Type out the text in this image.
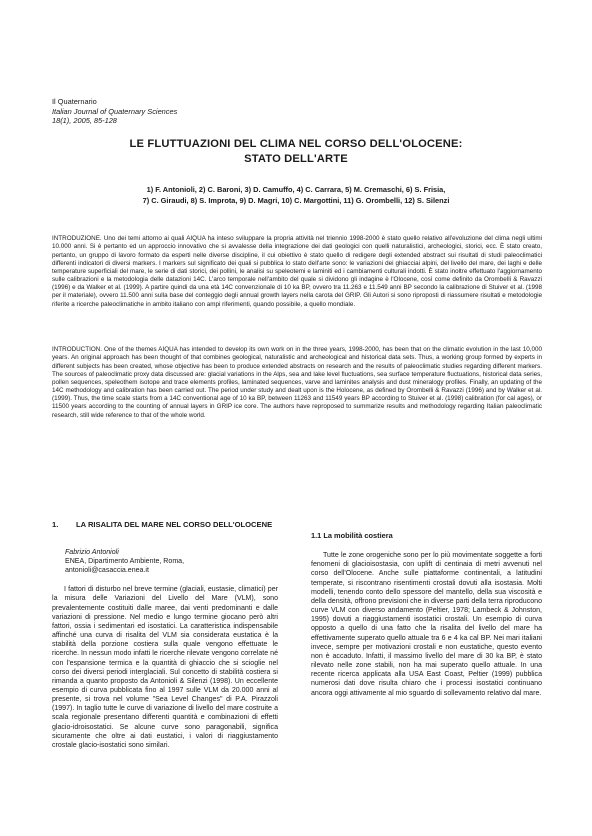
Il Quaternario
Italian Journal of Quaternary Sciences
18(1), 2005, 85-128
LE FLUTTUAZIONI DEL CLIMA NEL CORSO DELL'OLOCENE:
STATO DELL'ARTE
1) F. Antonioli, 2) C. Baroni, 3) D. Camuffo, 4) C. Carrara, 5) M. Cremaschi, 6) S. Frisia,
7) C. Giraudi, 8) S. Improta, 9) D. Magri, 10) C. Margottini, 11) G. Orombelli, 12) S. Silenzi

INTRODUZIONE. Uno dei temi attorno ai quali AIQUA ha inteso sviluppare la propria attività nel triennio 1998-2000 è stato quello relativo all'evoluzione del clima negli ultimi 10.000 anni. Si è pertanto ed un approccio innovativo che si avvalesse della integrazione dei dati geologici con quelli naturalistici, archeologici, storici, ecc. È stato creato, pertanto, un gruppo di lavoro formato da esperti nelle diverse discipline, il cui obiettivo è stato quello di redigere degli extended abstract sui risultati di studi paleoclimatici differenti indicatori di diversi markers. I markers sul significato dei quali si pubblica lo stato dell'arte sono: le variazioni dei ghiacciai alpini, del livello del mare, dei laghi e delle temperature superficiali del mare, le serie di dati storici, dei pollini, le analisi su speleotemi e laminiti ed i cambiamenti culturali indotti. È stato inoltre effettuato l'aggiornamento sulle calibrazioni e la metodologia delle datazioni 14C. L'arco temporale nell'ambito del quale si dividono gli indagine è l'Olocene, così come definito da Orombelli & Ravazzi (1996) e da Walker et al. (1999). A partire quindi da una età 14C convenzionale di 10 ka BP, ovvero tra 11.263 e 11.549 anni BP secondo la calibrazione di Stuiver et al. (1998 per il materiale), ovvero 11.500 anni sulla base del conteggio degli annual growth layers nella carota del GRIP. Gli Autori si sono riproposti di riassumere risultati e metodologie riferite a ricerche paleoclimatiche in ambito italiano con ampi riferimenti, quando possibile, a quello mondiale.

INTRODUCTION. One of the themes AIQUA has intended to develop its own work on in the three years, 1998-2000, has been that on the climatic evolution in the last 10,000 years. An original approach has been thought of that combines geological, naturalistic and archeological and historical data sets. Thus, a working group formed by experts in different subjects has been created, whose objective has been to produce extended abstracts on research and the results of paleoclimatic studies regarding different markers. The sources of paleoclimatic proxy data discussed are: glacial variations in the Alps, sea and lake level fluctuations, sea surface temperature fluctuations, historical data series, pollen sequences, speleothem isotope and trace elements profiles, laminated sequences, varve and laminites analysis and dust mineralogy profiles. Finally, an updating of the 14C methodology and calibration has been carried out. The period under study and dealt upon is the Holocene, as defined by Orombelli & Ravazzi (1996) and by Walker et al. (1999). Thus, the time scale starts from a 14C conventional age of 10 ka BP, between 11263 and 11549 years BP according to Stuiver et al. (1998) calibration (for cal ages), or 11500 years according to the counting of annual layers in GRIP ice core. The authors have reproposed to summarize results and methodology regarding Italian paleoclimatic research, still wide reference to that of the whole world.

1.	LA RISALITA DEL MARE NEL CORSO DELL'OLOCENE
Fabrizio Antonioli
ENEA, Dipartimento Ambiente, Roma,
antonioli@casaccia.enea.it

I fattori di disturbo nel breve termine (glaciali, eustasie, climatici) per la misura delle Variazioni del Livello del Mare (VLM), sono prevalentemente costituiti dalle maree, dai venti predominanti e dalle variazioni di pressione. Nel medio e lungo termine giocano però altri fattori, ossia i sedimentari ed isostatici. La caratteristica indispensabile affinché una curva di risalita del VLM sia considerata eustatica è la stabilità della porzione costiera sulla quale vengono effettuate le ricerche. In nessun modo infatti le ricerche rilevate vengono correlate né con l'espansione termica e la quantità di ghiaccio che si scioglie nel corso dei diversi periodi interglaciali. Sul concetto di stabilità costiera si rimanda a quanto proposto da Antonioli & Silenzi (1998). Un eccellente esempio di curva pubblicata fino al 1997 sulle VLM da 20.000 anni al presente, si trova nel volume "Sea Level Changes" di P.A. Pirazzoli (1997). In taglio tutte le curve di variazione di livello del mare costruite a scala regionale presentano differenti quantità e combinazioni di effetti glacio-idroisostatici. Se alcune curve sono paragonabili, significa sicuramente che oltre ai dati eustatici, i valori di riaggiustamento crostale glacio-isostatici sono similari.

1.1 La mobilità costiera

Tutte le zone orogeniche sono per lo più movimentate soggette a forti fenomeni di glacioisostasia, con uplift di centinaia di metri avvenuti nel corso dell'Olocene. Anche sulle piattaforme continentali, a latitudini temperate, si riscontrano risentimenti crostali dovuti alla isostasia. Molti modelli, tenendo conto dello spessore del mantello, della sua viscosità e della densità, offrono previsioni che in diverse parti della terra riproducono curve VLM con diverso andamento (Peltier, 1978; Lambeck & Johnston, 1995) dovuti a riaggiustamenti isostatici crostali. Un esempio di curva opposto a quello di una fatto che la risalita del livello del mare ha effettivamente superato quello attuale tra 6 e 4 ka cal BP. Nei mari italiani invece, sempre per motivazioni crostali e non eustatiche, questo evento non è accaduto. Infatti, il massimo livello del mare di 30 ka BP, è stato rilevato nelle zone stabili, non ha mai superato quello attuale. In una recente ricerca applicata alla USA East Coast, Peltier (1999) pubblica numerosi dati dove risulta chiaro che i processi isostatici continuano ancora oggi attivamente al mio sguardo di sollevamento relativo dal mare.
